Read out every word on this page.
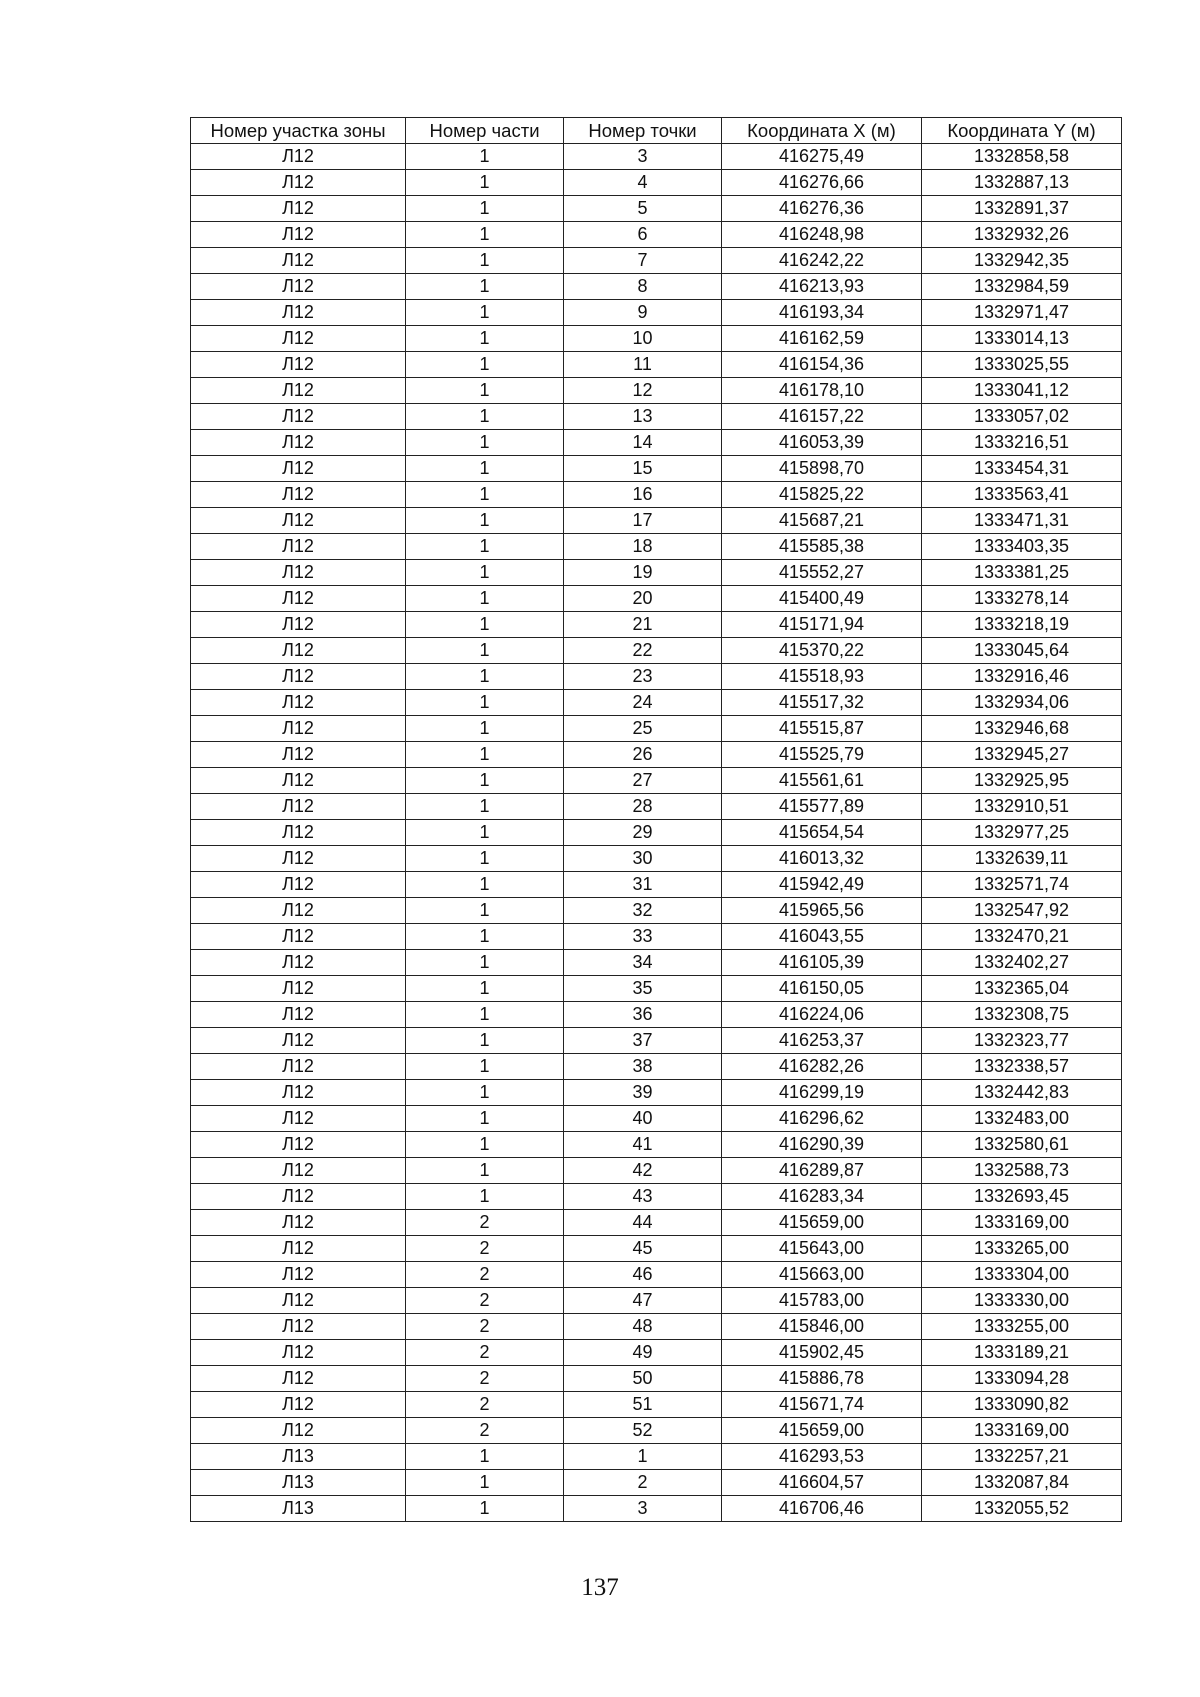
Номер участка зоны	Номер части	Номер точки	Координата X (м)	Координата Y (м)
Л12	1	3	416275,49	1332858,58
Л12	1	4	416276,66	1332887,13
Л12	1	5	416276,36	1332891,37
Л12	1	6	416248,98	1332932,26
Л12	1	7	416242,22	1332942,35
Л12	1	8	416213,93	1332984,59
Л12	1	9	416193,34	1332971,47
Л12	1	10	416162,59	1333014,13
Л12	1	11	416154,36	1333025,55
Л12	1	12	416178,10	1333041,12
Л12	1	13	416157,22	1333057,02
Л12	1	14	416053,39	1333216,51
Л12	1	15	415898,70	1333454,31
Л12	1	16	415825,22	1333563,41
Л12	1	17	415687,21	1333471,31
Л12	1	18	415585,38	1333403,35
Л12	1	19	415552,27	1333381,25
Л12	1	20	415400,49	1333278,14
Л12	1	21	415171,94	1333218,19
Л12	1	22	415370,22	1333045,64
Л12	1	23	415518,93	1332916,46
Л12	1	24	415517,32	1332934,06
Л12	1	25	415515,87	1332946,68
Л12	1	26	415525,79	1332945,27
Л12	1	27	415561,61	1332925,95
Л12	1	28	415577,89	1332910,51
Л12	1	29	415654,54	1332977,25
Л12	1	30	416013,32	1332639,11
Л12	1	31	415942,49	1332571,74
Л12	1	32	415965,56	1332547,92
Л12	1	33	416043,55	1332470,21
Л12	1	34	416105,39	1332402,27
Л12	1	35	416150,05	1332365,04
Л12	1	36	416224,06	1332308,75
Л12	1	37	416253,37	1332323,77
Л12	1	38	416282,26	1332338,57
Л12	1	39	416299,19	1332442,83
Л12	1	40	416296,62	1332483,00
Л12	1	41	416290,39	1332580,61
Л12	1	42	416289,87	1332588,73
Л12	1	43	416283,34	1332693,45
Л12	2	44	415659,00	1333169,00
Л12	2	45	415643,00	1333265,00
Л12	2	46	415663,00	1333304,00
Л12	2	47	415783,00	1333330,00
Л12	2	48	415846,00	1333255,00
Л12	2	49	415902,45	1333189,21
Л12	2	50	415886,78	1333094,28
Л12	2	51	415671,74	1333090,82
Л12	2	52	415659,00	1333169,00
Л13	1	1	416293,53	1332257,21
Л13	1	2	416604,57	1332087,84
Л13	1	3	416706,46	1332055,52
137
